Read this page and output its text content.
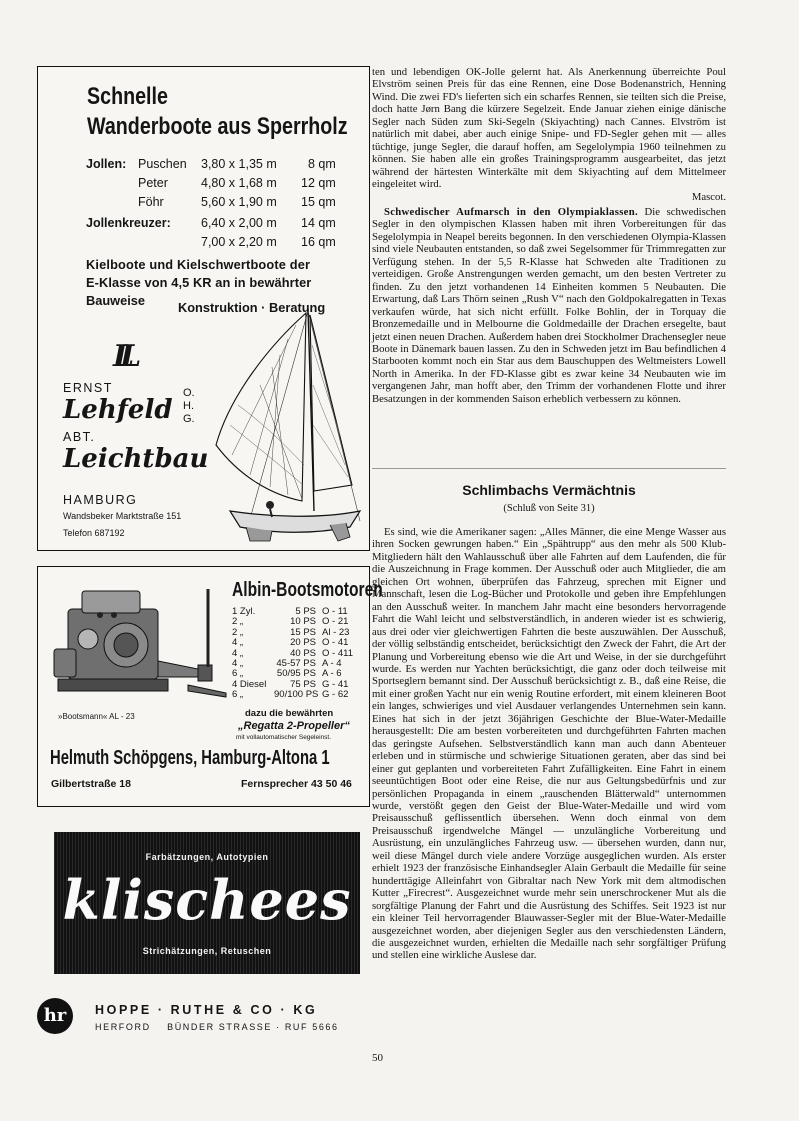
Schnelle
Wanderboote aus Sperrholz
Jollen: Puschen 3,80 x 1,35 m	8 qm
Peter	4,80 x 1,68 m 12 qm
Föhr	5,60 x 1,90 m 15 qm
Jollenkreuzer: 6,40 x 2,00 m 14 qm
7,00 x 2,20 m 16 qm
Kielboote und Kielschwertboote der
E-Klasse von 4,5 KR an in bewährter
Bauweise	Konstruktion · Beratung
LL
ERNST
Lehfeld
O. H. G.
ABT.
Leichtbau
HAMBURG
Wandsbeker Marktstraße 151
Telefon 687192
»Bootsmann« AL - 23
Albin-Bootsmotoren
1 Zyl.	5 PS O - 11
2 „	10 PS O - 21
2 „	15 PS Al - 23
4 „	20 PS O - 41
4 „	40 PS O - 411
4 „	45-57 PS A - 4
6 „	50/95 PS A - 6
4 Diesel	75 PS G - 41
6 „	90/100 PS G - 62
dazu die bewährten
„Regatta 2-Propeller“
mit vollautomatischer Segeleinst.
Helmuth Schöpgens, Hamburg-Altona 1
Gilbertstraße 18	Fernsprecher 43 50 46
Farbätzungen, Autotypien
klischees
Strichätzungen, Retuschen
hr	HOPPE · RUTHE & CO · KG
HERFORD    BÜNDER STRASSE · RUF 5666

ten und lebendigen OK-Jolle gelernt hat. Als Anerkennung überreichte Poul Elvström seinen Preis für das eine Rennen, eine Dose Bodenanstrich, Henning Wind. Die zwei FD's lieferten sich ein scharfes Rennen, sie teilten sich die Preise, doch hatte Jørn Bang die kürzere Segelzeit. Ende Januar ziehen einige dänische Segler nach Süden zum Ski-Segeln (Skiyachting) nach Cannes. Elvström ist natürlich mit dabei, aber auch einige Snipe- und FD-Segler gehen mit — alles tüchtige, junge Segler, die darauf hoffen, am Segelolympia 1960 teilnehmen zu können. Sie haben alle ein großes Trainingsprogramm ausgearbeitet, das jetzt während der härtesten Winterkälte mit dem Skiyachting auf dem Mittelmeer eingeleitet wird.

Mascot.

Schwedischer Aufmarsch in den Olympiaklassen. Die schwedischen Segler in den olympischen Klassen haben mit ihren Vorbereitungen für das Segelolympia in Neapel bereits begonnen. In den verschiedenen Olympia-Klassen sind viele Neubauten entstanden, so daß zwei Segelsommer für Trimmregatten zur Verfügung stehen. In der 5,5 R-Klasse hat Schweden alte Traditionen zu verteidigen. Große Anstrengungen werden gemacht, um den besten Vertreter zu finden. Zu den jetzt vorhandenen 14 Einheiten kommen 5 Neubauten. Die Erwartung, daß Lars Thörn seinen „Rush V“ nach den Goldpokalregatten in Texas verkaufen würde, hat sich nicht erfüllt. Folke Bohlin, der in Torquay die Bronzemedaille und in Melbourne die Goldmedaille der Drachen ersegelte, baut jetzt einen neuen Drachen. Außerdem haben drei Stockholmer Drachensegler neue Boote in Dänemark bauen lassen. Zu den in Schweden jetzt im Bau befindlichen 4 Starbooten kommt noch ein Star aus dem Bauschuppen des Weltmeisters Lowell North in Amerika. In der FD-Klasse gibt es zwar keine 34 Neubauten wie im vergangenen Jahr, man hofft aber, den Trimm der vorhandenen Flotte und ihrer Besatzungen in der kommenden Saison erheblich verbessern zu können.

Schlimbachs Vermächtnis
(Schluß von Seite 31)

Es sind, wie die Amerikaner sagen: „Alles Männer, die eine Menge Wasser aus ihren Socken gewrungen haben.“ Ein „Spähtrupp“ aus den mehr als 500 Klub-Mitgliedern hält den Wahlausschuß über alle Fahrten auf dem Laufenden, die für die Auszeichnung in Frage kommen. Der Ausschuß oder auch Mitglieder, die am gleichen Ort wohnen, überprüfen das Fahrzeug, sprechen mit Eigner und Mannschaft, lesen die Log-Bücher und Protokolle und geben ihre Empfehlungen an den Ausschuß weiter. In manchem Jahr macht eine besonders hervorragende Fahrt die Wahl leicht und selbstverständlich, in anderen wieder ist es schwierig, aus drei oder vier gleichwertigen Fahrten die beste auszuwählen. Der Ausschuß, der völlig selbständig entscheidet, berücksichtigt den Zweck der Fahrt, die Art der Planung und Vorbereitung ebenso wie die Art und Weise, in der sie durchgeführt wurde. Es werden nur Yachten berücksichtigt, die ganz oder doch teilweise mit Sportseglern bemannt sind. Der Ausschuß berücksichtigt z. B., daß eine Reise, die mit einer großen Yacht nur ein wenig Routine erfordert, mit einem kleineren Boot ein langes, schwieriges und viel Ausdauer verlangendes Unternehmen sein kann. Eines hat sich in der jetzt 36jährigen Geschichte der Blue-Water-Medaille herausgestellt: Die am besten vorbereiteten und durchgeführten Fahrten machen das geringste Aufsehen. Selbstverständlich kann man auch dann Abenteuer erleben und in stürmische und schwierige Situationen geraten, aber das sind bei einer gut geplanten und vorbereiteten Fahrt Zufälligkeiten. Eine Fahrt in einem seeuntüchtigen Boot oder eine Reise, die nur aus Geltungsbedürfnis und zur persönlichen Propaganda in einem „rauschenden Blätterwald“ unternommen wurde, verstößt gegen den Geist der Blue-Water-Medaille und wird vom Preisausschuß geflissentlich übersehen. Wenn doch einmal von dem Preisausschuß irgendwelche Mängel — unzulängliche Vorbereitung und Ausrüstung, ein unzulängliches Fahrzeug usw. — übersehen wurden, dann nur, weil diese Mängel durch viele andere Vorzüge ausgeglichen wurden. Als erster erhielt 1923 der französische Einhandsegler Alain Gerbault die Medaille für seine hunderttägige Alleinfahrt von Gibraltar nach New York mit dem altmodischen Kutter „Firecrest“. Ausgezeichnet wurde mehr sein unerschrockener Mut als die sorgfältige Planung der Fahrt und die Ausrüstung des Schiffes. Seit 1923 ist nur ein kleiner Teil hervorragender Blauwasser-Segler mit der Blue-Water-Medaille ausgezeichnet worden, aber diejenigen Segler aus den verschiedensten Ländern, die ausgezeichnet wurden, erhielten die Medaille nach sehr sorgfältiger Prüfung und stellen eine wirkliche Auslese dar.

50
